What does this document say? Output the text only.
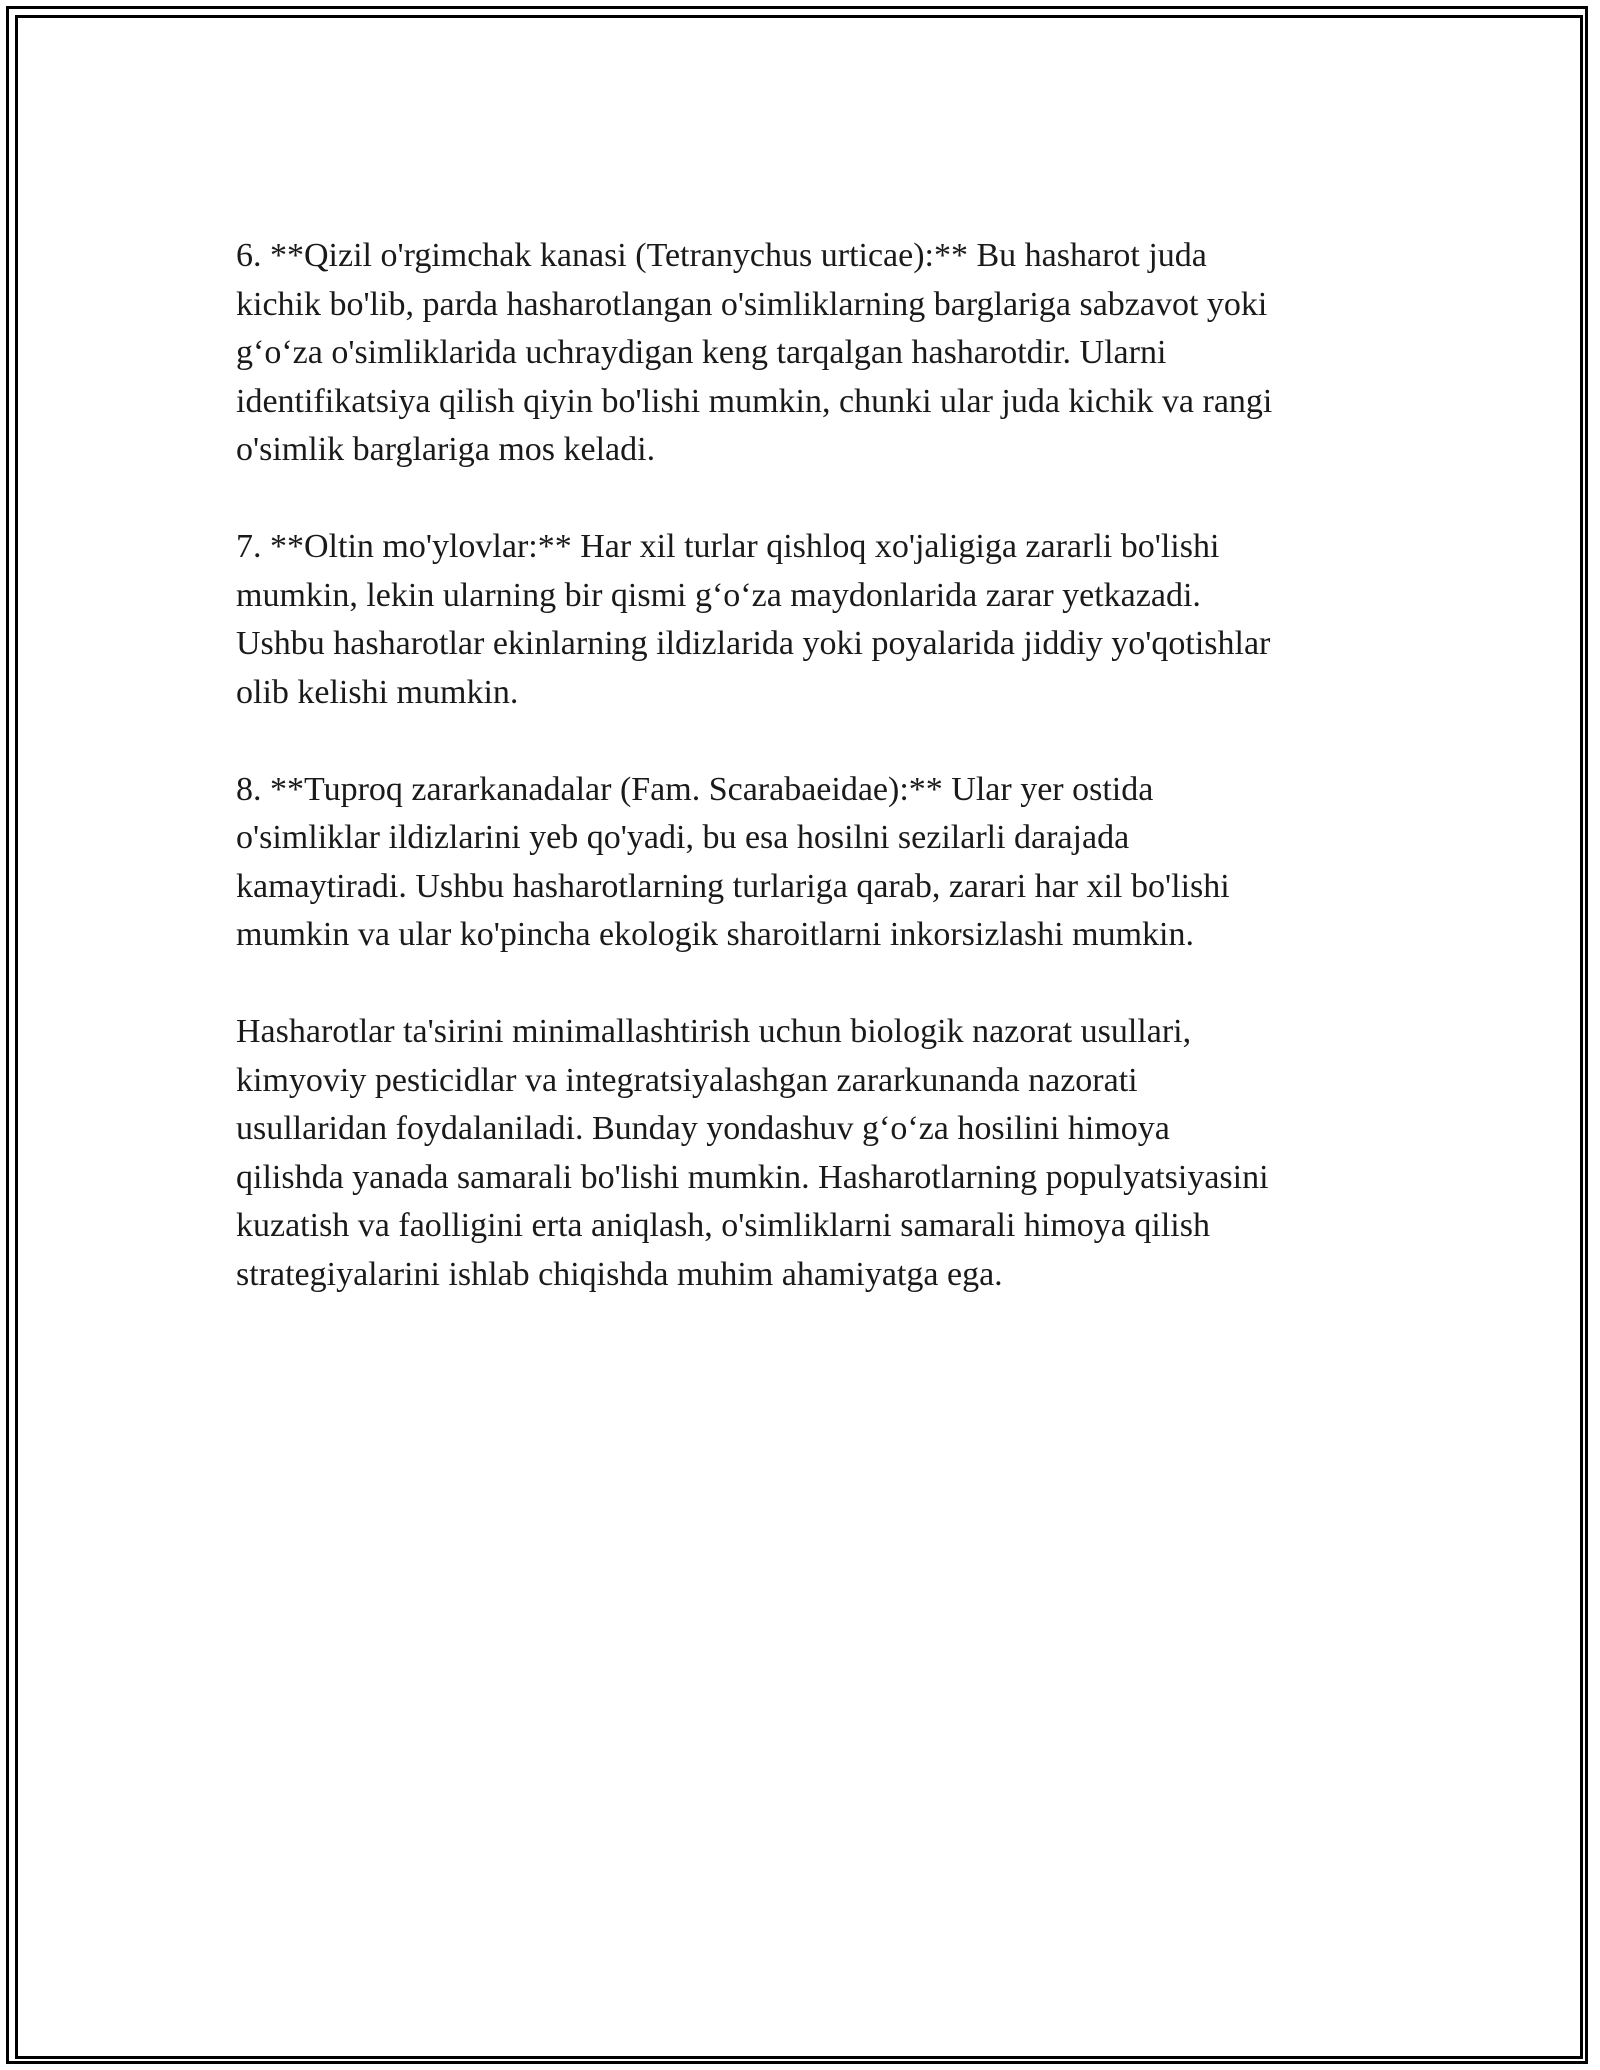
6. **Qizil o'rgimchak kanasi (Tetranychus urticae):** Bu hasharot juda
kichik bo'lib, parda hasharotlangan o'simliklarning barglariga sabzavot yoki
g‘o‘za o'simliklarida uchraydigan keng tarqalgan hasharotdir. Ularni
identifikatsiya qilish qiyin bo'lishi mumkin, chunki ular juda kichik va rangi
o'simlik barglariga mos keladi.

7. **Oltin mo'ylovlar:** Har xil turlar qishloq xo'jaligiga zararli bo'lishi
mumkin, lekin ularning bir qismi g‘o‘za maydonlarida zarar yetkazadi.
Ushbu hasharotlar ekinlarning ildizlarida yoki poyalarida jiddiy yo'qotishlar
olib kelishi mumkin.

8. **Tuproq zararkanadalar (Fam. Scarabaeidae):** Ular yer ostida
o'simliklar ildizlarini yeb qo'yadi, bu esa hosilni sezilarli darajada
kamaytiradi. Ushbu hasharotlarning turlariga qarab, zarari har xil bo'lishi
mumkin va ular ko'pincha ekologik sharoitlarni inkorsizlashi mumkin.

Hasharotlar ta'sirini minimallashtirish uchun biologik nazorat usullari,
kimyoviy pesticidlar va integratsiyalashgan zararkunanda nazorati
usullaridan foydalaniladi. Bunday yondashuv g‘o‘za hosilini himoya
qilishda yanada samarali bo'lishi mumkin. Hasharotlarning populyatsiyasini
kuzatish va faolligini erta aniqlash, o'simliklarni samarali himoya qilish
strategiyalarini ishlab chiqishda muhim ahamiyatga ega.
